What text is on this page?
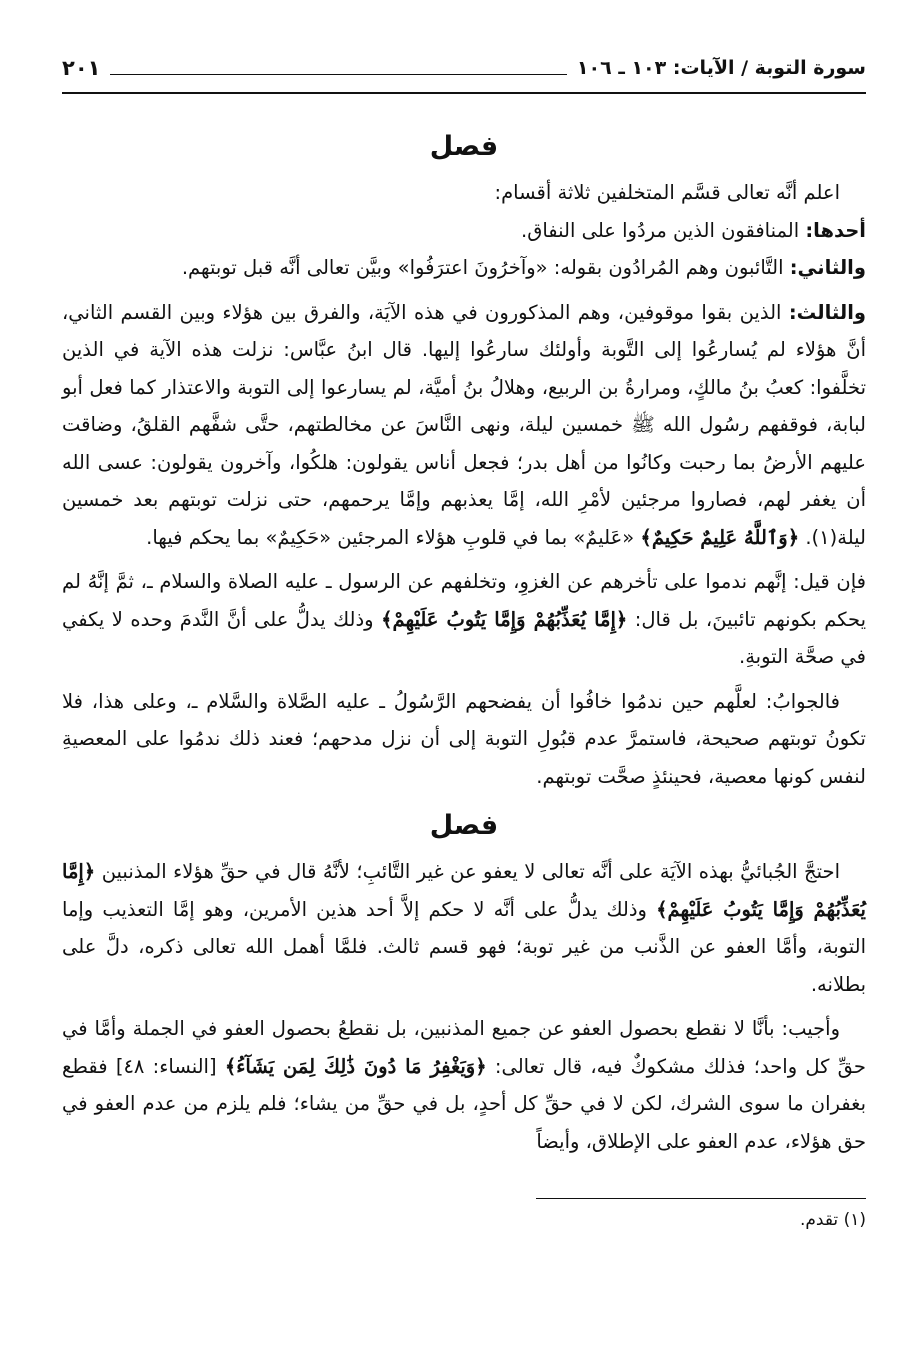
سورة التوبة / الآيات: ١٠٣ ـ ١٠٦
٢٠١
فصل

اعلم أنَّه تعالى قسَّم المتخلفين ثلاثة أقسام:

أحدها: المنافقون الذين مردُوا على النفاق.

والثاني: التَّائبون وهم المُرادُون بقوله: «وآخرُونَ اعترَفُوا» وبيَّن تعالى أنَّه قبل توبتهم.

والثالث: الذين بقوا موقوفين، وهم المذكورون في هذه الآيَة، والفرق بين هؤلاء وبين القسم الثاني، أنَّ هؤلاء لم يُسارعُوا إلى التَّوبة وأولئك سارعُوا إليها. قال ابنُ عبَّاس: نزلت هذه الآية في الذين تخلَّفوا: كعبُ بنُ مالكٍ، ومرارةُ بن الربيع، وهلالُ بنُ أميَّة، لم يسارعوا إلى التوبة والاعتذار كما فعل أبو لبابة، فوقفهم رسُول الله ﷺ خمسين ليلة، ونهى النَّاسَ عن مخالطتهم، حتَّى شفَّهم القلقُ، وضاقت عليهم الأرضُ بما رحبت وكانُوا من أهل بدر؛ فجعل أناس يقولون: هلكُوا، وآخرون يقولون: عسى الله أن يغفر لهم، فصاروا مرجئين لأمْرِ الله، إمَّا يعذبهم وإمَّا يرحمهم، حتى نزلت توبتهم بعد خمسين ليلة(١). ﴿وَٱللَّهُ عَلِيمٌ حَكِيمٌ﴾ «عَليمٌ» بما في قلوبِ هؤلاء المرجئين «حَكِيمٌ» بما يحكم فيها.

فإن قيل: إنَّهم ندموا على تأخرهم عن الغزوِ، وتخلفهم عن الرسول ـ عليه الصلاة والسلام ـ، ثمَّ إنَّهُ لم يحكم بكونهم تائبينَ، بل قال: ﴿إِمَّا يُعَذِّبُهُمْ وَإِمَّا يَتُوبُ عَلَيْهِمْ﴾ وذلك يدلُّ على أنَّ النَّدمَ وحده لا يكفي في صحَّة التوبةِ.

فالجوابُ: لعلَّهم حين ندمُوا خافُوا أن يفضحهم الرَّسُولُ ـ عليه الصَّلاة والسَّلام ـ، وعلى هذا، فلا تكونُ توبتهم صحيحة، فاستمرَّ عدم قبُولِ التوبة إلى أن نزل مدحهم؛ فعند ذلك ندمُوا على المعصيةِ لنفس كونها معصية، فحينئذٍ صحَّت توبتهم.

فصل

احتجَّ الجُبائيُّ بهذه الآيَة على أنَّه تعالى لا يعفو عن غير التَّائبِ؛ لأنَّهُ قال في حقِّ هؤلاء المذنبين ﴿إِمَّا يُعَذِّبُهُمْ وَإِمَّا يَتُوبُ عَلَيْهِمْ﴾ وذلك يدلُّ على أنَّه لا حكم إلاَّ أحد هذين الأمرين، وهو إمَّا التعذيب وإما التوبة، وأمَّا العفو عن الذَّنب من غير توبة؛ فهو قسم ثالث. فلمَّا أهمل الله تعالى ذكره، دلَّ على بطلانه.

وأجيب: بأنَّا لا نقطع بحصول العفو عن جميع المذنبين، بل نقطعُ بحصول العفو في الجملة وأمَّا في حقِّ كل واحد؛ فذلك مشكوكٌ فيه، قال تعالى: ﴿وَيَغْفِرُ مَا دُونَ ذَٰلِكَ لِمَن يَشَآءُ﴾ [النساء: ٤٨] فقطع بغفران ما سوى الشرك، لكن لا في حقِّ كل أحدٍ، بل في حقِّ من يشاء؛ فلم يلزم من عدم العفو في حق هؤلاء، عدم العفو على الإطلاق، وأيضاً

(١) تقدم.
